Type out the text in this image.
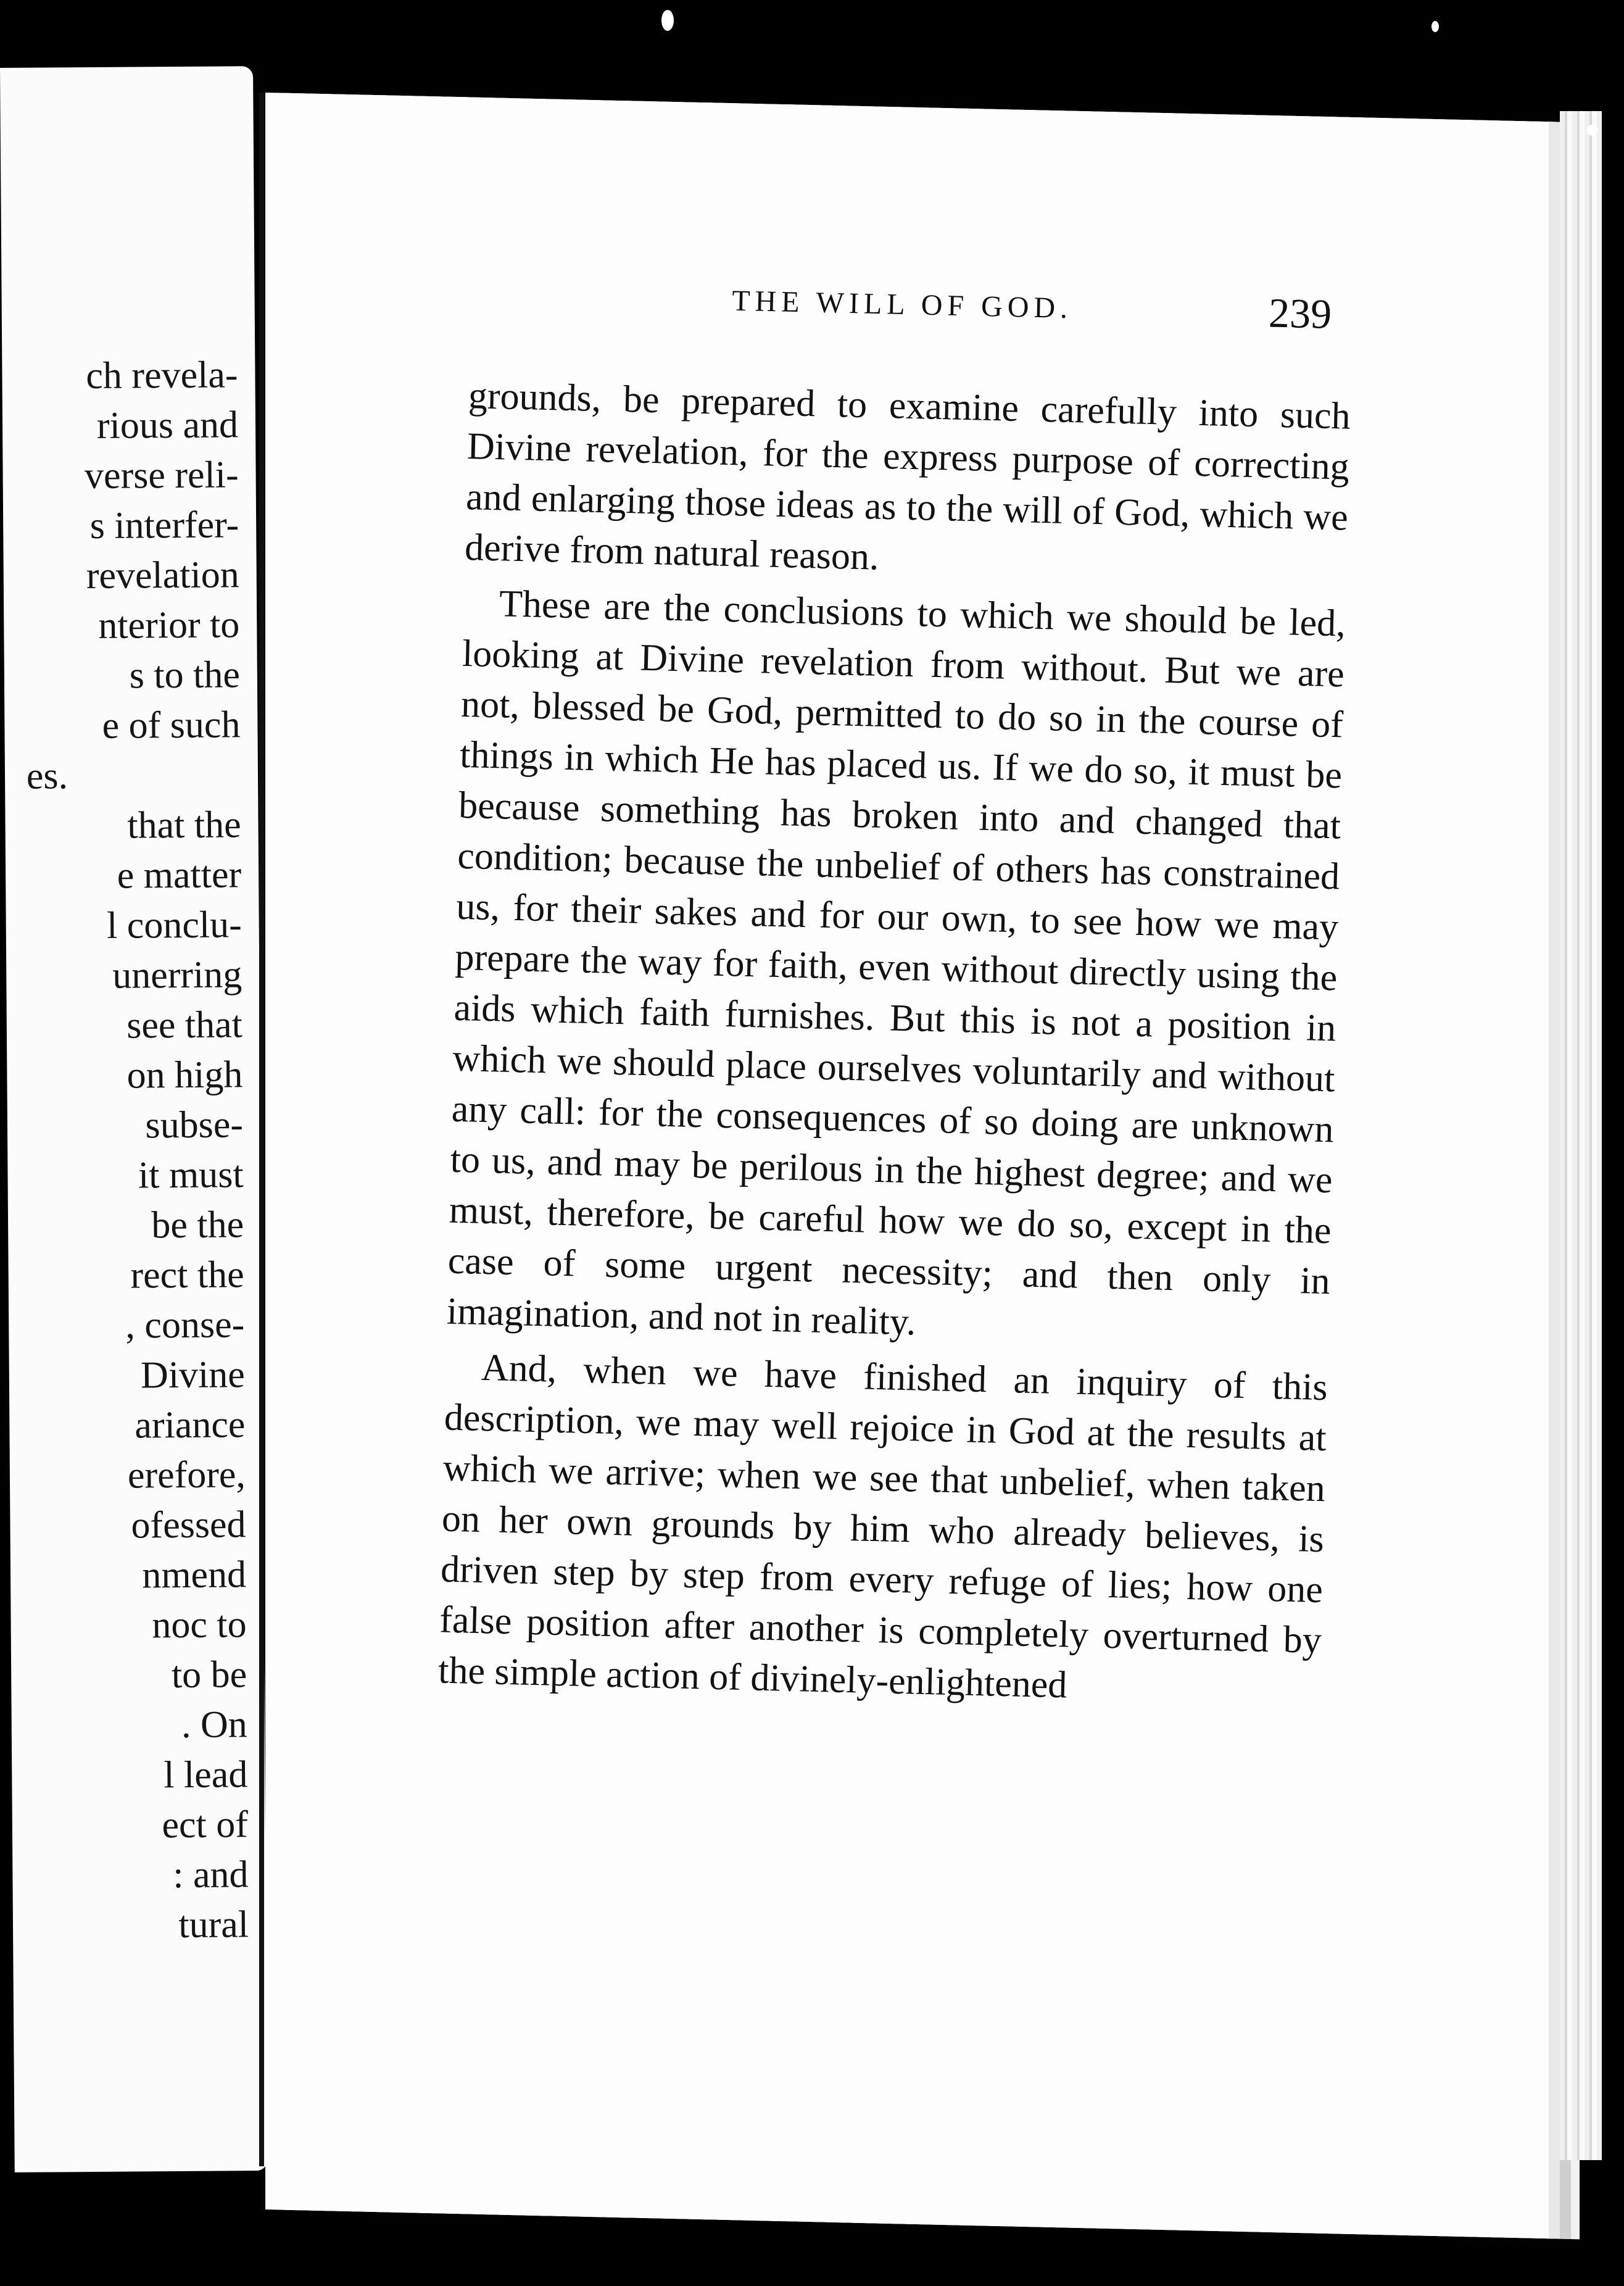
ch revela-
rious and
verse reli-
s interfer-
revelation
nterior to
s to the
e of such
es.
that the
e matter
l conclu-
unerring
see that
on high
subse-
it must
be the
rect the
, conse-
Divine
ariance
erefore,
ofessed
nmend
noc to
to be
. On
l lead
ect of
: and
tural
THE WILL OF GOD.	239

grounds, be prepared to examine carefully into such Divine revelation, for the express purpose of correcting and enlarging those ideas as to the will of God, which we derive from natural reason.

These are the conclusions to which we should be led, looking at Divine revelation from without. But we are not, blessed be God, permitted to do so in the course of things in which He has placed us. If we do so, it must be because something has broken into and changed that condition; because the unbelief of others has constrained us, for their sakes and for our own, to see how we may prepare the way for faith, even without directly using the aids which faith furnishes. But this is not a position in which we should place ourselves voluntarily and without any call: for the consequences of so doing are unknown to us, and may be perilous in the highest degree; and we must, therefore, be careful how we do so, except in the case of some urgent necessity; and then only in imagination, and not in reality.

And, when we have finished an inquiry of this description, we may well rejoice in God at the results at which we arrive; when we see that unbelief, when taken on her own grounds by him who already believes, is driven step by step from every refuge of lies; how one false position after another is completely overturned by the simple action of divinely-enlightened
